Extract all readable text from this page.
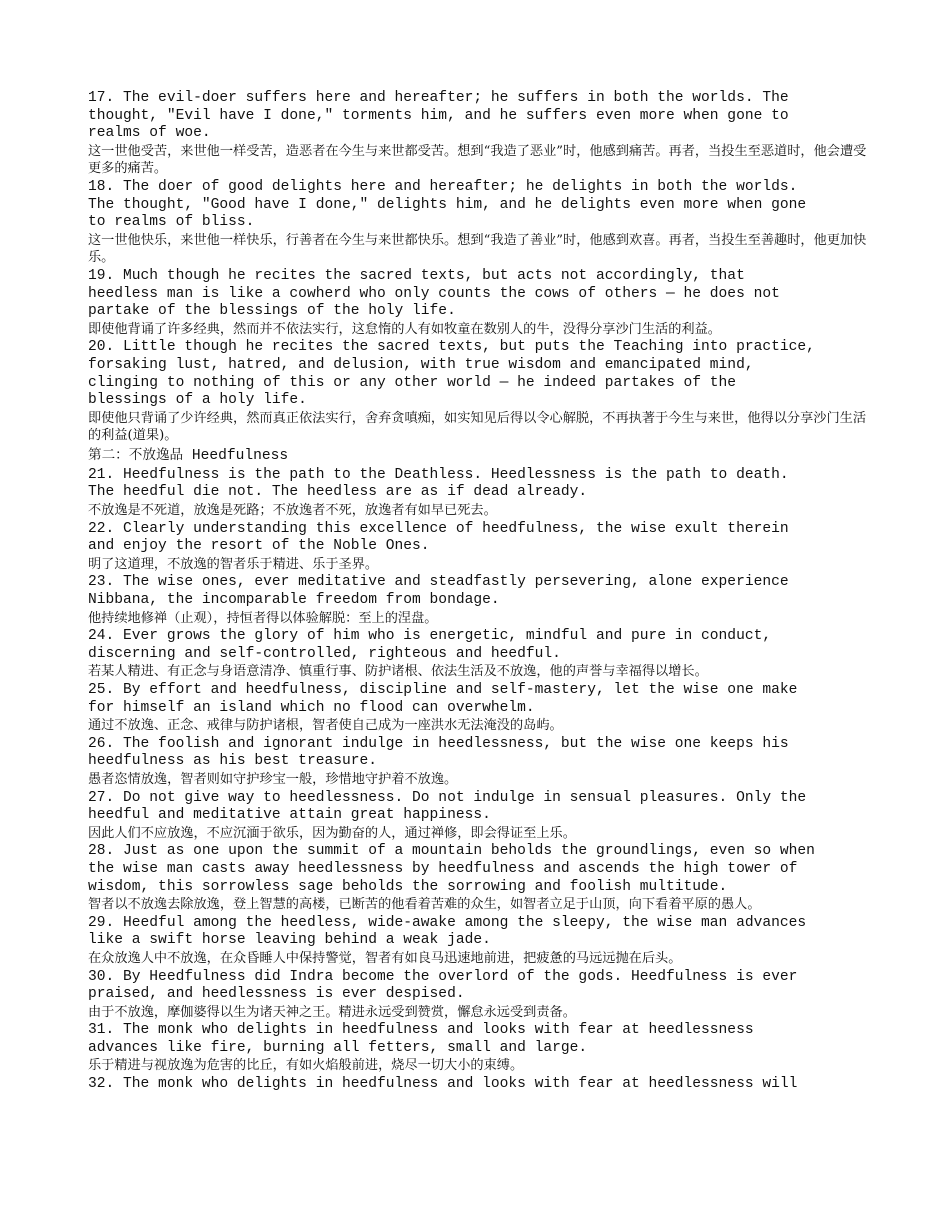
17. The evil-doer suffers here and hereafter; he suffers in both the worlds. The
thought, "Evil have I done," torments him, and he suffers even more when gone to
realms of woe.

这一世他受苦，来世他一样受苦，造恶者在今生与来世都受苦。想到“我造了恶业”时，他感到痛苦。再者，当投生至恶道时，他会遭受更多的痛苦。

18. The doer of good delights here and hereafter; he delights in both the worlds.
The thought, "Good have I done," delights him, and he delights even more when gone
to realms of bliss.

这一世他快乐，来世他一样快乐，行善者在今生与来世都快乐。想到“我造了善业”时，他感到欢喜。再者，当投生至善趣时，他更加快乐。

19. Much though he recites the sacred texts, but acts not accordingly, that
heedless man is like a cowherd who only counts the cows of others — he does not
partake of the blessings of the holy life.

即使他背诵了许多经典，然而并不依法实行，这怠惰的人有如牧童在数别人的牛，没得分享沙门生活的利益。

20. Little though he recites the sacred texts, but puts the Teaching into practice,
forsaking lust, hatred, and delusion, with true wisdom and emancipated mind,
clinging to nothing of this or any other world — he indeed partakes of the
blessings of a holy life.

即使他只背诵了少许经典，然而真正依法实行，舍弃贪嗔痴，如实知见后得以令心解脱，不再执著于今生与来世，他得以分享沙门生活的利益(道果)。

第二：不放逸品 Heedfulness

21. Heedfulness is the path to the Deathless. Heedlessness is the path to death.
The heedful die not. The heedless are as if dead already.

不放逸是不死道，放逸是死路；不放逸者不死，放逸者有如早已死去。

22. Clearly understanding this excellence of heedfulness, the wise exult therein
and enjoy the resort of the Noble Ones.

明了这道理，不放逸的智者乐于精进、乐于圣界。

23. The wise ones, ever meditative and steadfastly persevering, alone experience
Nibbana, the incomparable freedom from bondage.

他持续地修禅（止观），持恒者得以体验解脱：至上的涅盘。

24. Ever grows the glory of him who is energetic, mindful and pure in conduct,
discerning and self-controlled, righteous and heedful.

若某人精进、有正念与身语意清净、慎重行事、防护诸根、依法生活及不放逸，他的声誉与幸福得以增长。

25. By effort and heedfulness, discipline and self-mastery, let the wise one make
for himself an island which no flood can overwhelm.

通过不放逸、正念、戒律与防护诸根，智者使自己成为一座洪水无法淹没的岛屿。

26. The foolish and ignorant indulge in heedlessness, but the wise one keeps his
heedfulness as his best treasure.

愚者恣情放逸，智者则如守护珍宝一般，珍惜地守护着不放逸。

27. Do not give way to heedlessness. Do not indulge in sensual pleasures. Only the
heedful and meditative attain great happiness.

因此人们不应放逸，不应沉湎于欲乐，因为勤奋的人，通过禅修，即会得证至上乐。

28. Just as one upon the summit of a mountain beholds the groundlings, even so when
the wise man casts away heedlessness by heedfulness and ascends the high tower of
wisdom, this sorrowless sage beholds the sorrowing and foolish multitude.

智者以不放逸去除放逸，登上智慧的高楼，已断苦的他看着苦难的众生，如智者立足于山顶，向下看着平原的愚人。

29. Heedful among the heedless, wide-awake among the sleepy, the wise man advances
like a swift horse leaving behind a weak jade.

在众放逸人中不放逸，在众昏睡人中保持警觉，智者有如良马迅速地前进，把疲惫的马远远抛在后头。

30. By Heedfulness did Indra become the overlord of the gods. Heedfulness is ever
praised, and heedlessness is ever despised.

由于不放逸，摩伽婆得以生为诸天神之王。精进永远受到赞赏，懈怠永远受到责备。

31. The monk who delights in heedfulness and looks with fear at heedlessness
advances like fire, burning all fetters, small and large.

乐于精进与视放逸为危害的比丘，有如火焰般前进，烧尽一切大小的束缚。

32. The monk who delights in heedfulness and looks with fear at heedlessness will
